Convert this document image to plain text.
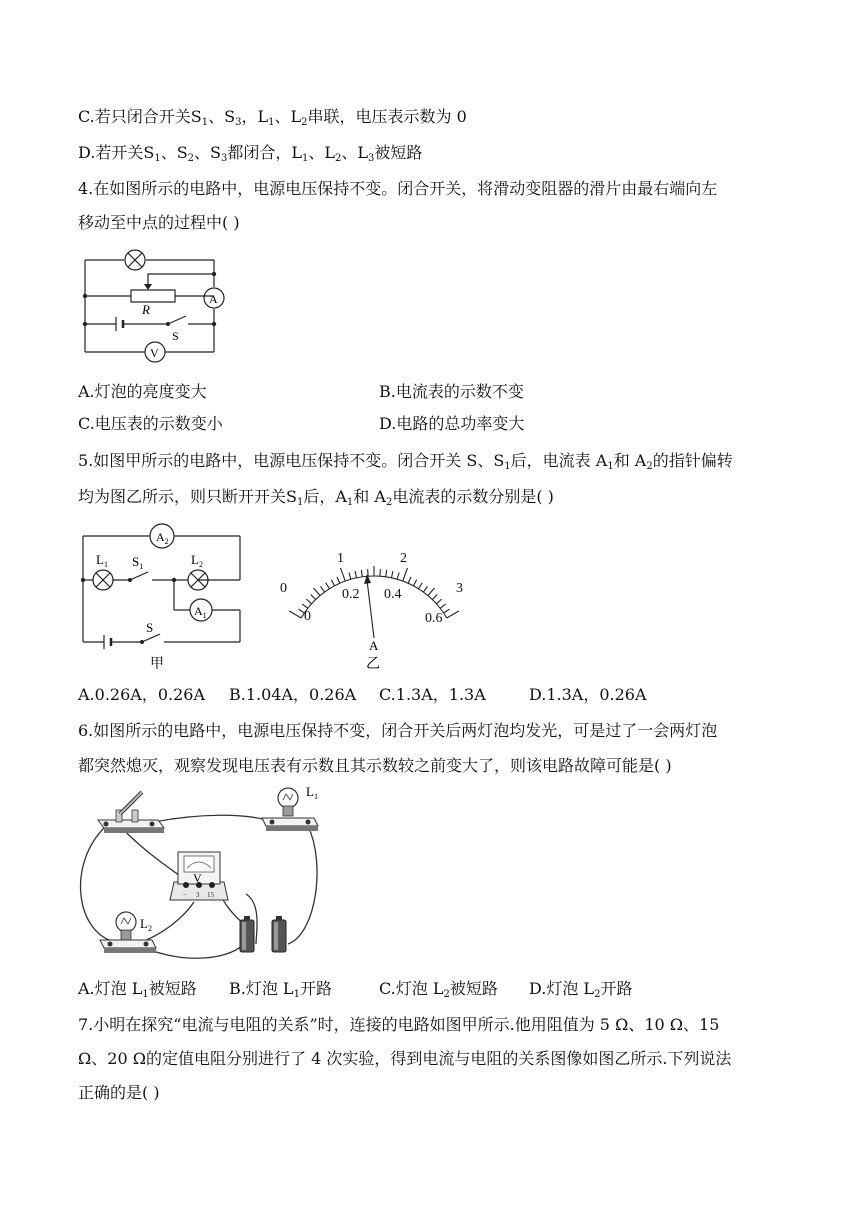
C.若只闭合开关$S_1$、$S_3$，$L_1$、$L_2$串联，电压表示数为 0
D.若开关$S_1$、$S_2$、$S_3$都闭合，$L_1$、$L_2$、$L_3$被短路
4.在如图所示的电路中，电源电压保持不变。闭合开关，将滑动变阻器的滑片由最右端向左
移动至中点的过程中( )
R
A
V
S
A.灯泡的亮度变大	B.电流表的示数不变
C.电压表的示数变小	D.电路的总功率变大
5.如图甲所示的电路中，电源电压保持不变。闭合开关 S、$S_1$后，电流表 $A_1$和 $A_2$的指针偏转
均为图乙所示，则只断开开关$S_1$后，$A_1$和 $A_2$电流表的示数分别是( )
$A_2$
$L_1$ $S_1$	$L_2$
$A_1$
S
甲
0
1	2
3
0
0.2 0.4
0.6
A
乙
A.0.26A，0.26A B.1.04A，0.26A C.1.3A，1.3A	D.1.3A，0.26A
6.如图所示的电路中，电源电压保持不变，闭合开关后两灯泡均发光，可是过了一会两灯泡
都突然熄灭，观察发现电压表有示数且其示数较之前变大了，则该电路故障可能是( )
$L_1$
V
− 3 15
$L_2$
A.灯泡 $L_1$被短路 B.灯泡 $L_1$开路	C.灯泡 $L_2$被短路 D.灯泡 $L_2$开路
7.小明在探究“电流与电阻的关系”时，连接的电路如图甲所示.他用阻值为 5 Ω、10 Ω、15
Ω、20 Ω的定值电阻分别进行了 4 次实验，得到电流与电阻的关系图像如图乙所示.下列说法
正确的是( )
